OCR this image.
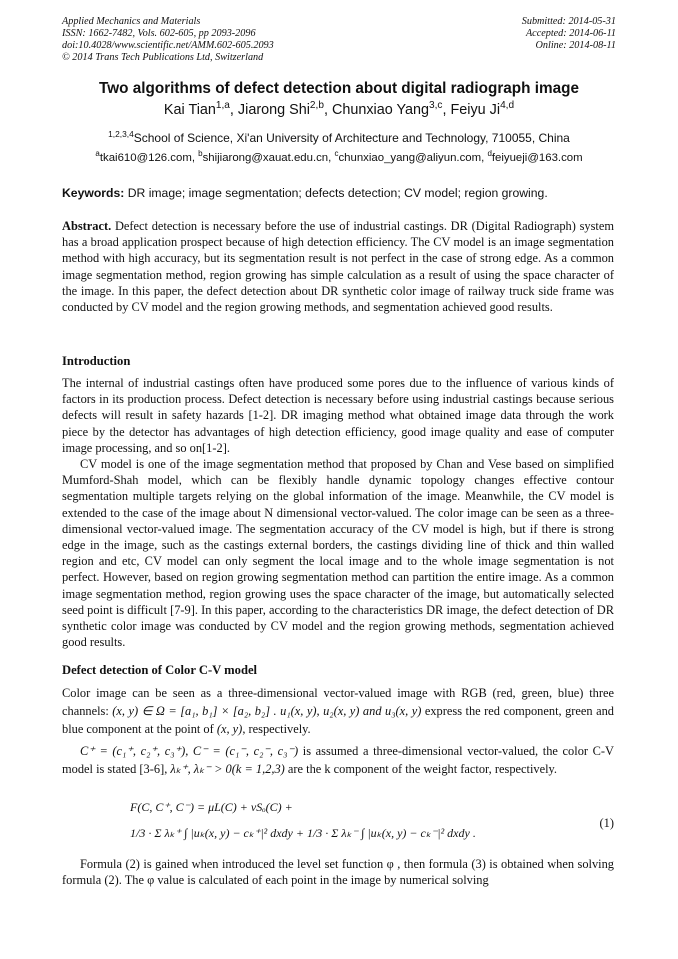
Applied Mechanics and Materials
ISSN: 1662-7482, Vols. 602-605, pp 2093-2096
doi:10.4028/www.scientific.net/AMM.602-605.2093
© 2014 Trans Tech Publications Ltd, Switzerland
Submitted: 2014-05-31
Accepted: 2014-06-11
Online: 2014-08-11
Two algorithms of defect detection about digital radiograph image
Kai Tian$^{1,a}$, Jiarong Shi$^{2,b}$, Chunxiao Yang$^{3,c}$, Feiyu Ji$^{4,d}$
$^{1,2,3,4}$School of Science, Xi'an University of Architecture and Technology, 710055, China
$^a$tkai610@126.com, $^b$shijiarong@xauat.edu.cn, $^c$chunxiao_yang@aliyun.com, $^d$feiyueji@163.com
Keywords: DR image; image segmentation; defects detection; CV model; region growing.

Abstract. Defect detection is necessary before the use of industrial castings. DR (Digital Radiograph) system has a broad application prospect because of high detection efficiency. The CV model is an image segmentation method with high accuracy, but its segmentation result is not perfect in the case of strong edge. As a common image segmentation method, region growing has simple calculation as a result of using the space character of the image. In this paper, the defect detection about DR synthetic color image of railway truck side frame was conducted by CV model and the region growing methods, and segmentation achieved good results.

Introduction

The internal of industrial castings often have produced some pores due to the influence of various kinds of factors in its production process. Defect detection is necessary before using industrial castings because serious defects will result in safety hazards [1-2]. DR imaging method what obtained image data through the work piece by the detector has advantages of high detection efficiency, good image quality and ease of computer image processing, and so on[1-2].

CV model is one of the image segmentation method that proposed by Chan and Vese based on simplified Mumford-Shah model, which can be flexibly handle dynamic topology changes effective contour segmentation multiple targets relying on the global information of the image. Meanwhile, the CV model is extended to the case of the image about N dimensional vector-valued. The color image can be seen as a three-dimensional vector-valued image. The segmentation accuracy of the CV model is high, but if there is strong edge in the image, such as the castings external borders, the castings dividing line of thick and thin walled region and etc, CV model can only segment the local image and to the whole image segmentation is not perfect. However, based on region growing segmentation method can partition the entire image. As a common image segmentation method, region growing uses the space character of the image, but automatically selected seed point is difficult [7-9]. In this paper, according to the characteristics DR image, the defect detection of DR synthetic color image was conducted by CV model and the region growing methods, segmentation achieved good results.

Defect detection of Color C-V model

Color image can be seen as a three-dimensional vector-valued image with RGB (red, green, blue) three channels: (x, y) ∈ Ω = [a₁, b₁] × [a₂, b₂] . u₁(x, y), u₂(x, y) and u₃(x, y) express the red component, green and blue component at the point of (x, y), respectively.

C⁺ = (c₁⁺, c₂⁺, c₃⁺), C⁻ = (c₁⁻, c₂⁻, c₃⁻) is assumed a three-dimensional vector-valued, the color C-V model is stated [3-6], λₖ⁺, λₖ⁻ > 0(k = 1,2,3) are the k component of the weight factor, respectively.

F(C, C⁺, C⁻) = μL(C) + νSₒ(C) +
1/3 · Σ λₖ⁺ ∫ |uₖ(x, y) − cₖ⁺|² dxdy + 1/3 · Σ λₖ⁻ ∫ |uₖ(x, y) − cₖ⁻|² dxdy .
(1)

Formula (2) is gained when introduced the level set function φ , then formula (3) is obtained when solving formula (2). The φ value is calculated of each point in the image by numerical solving
